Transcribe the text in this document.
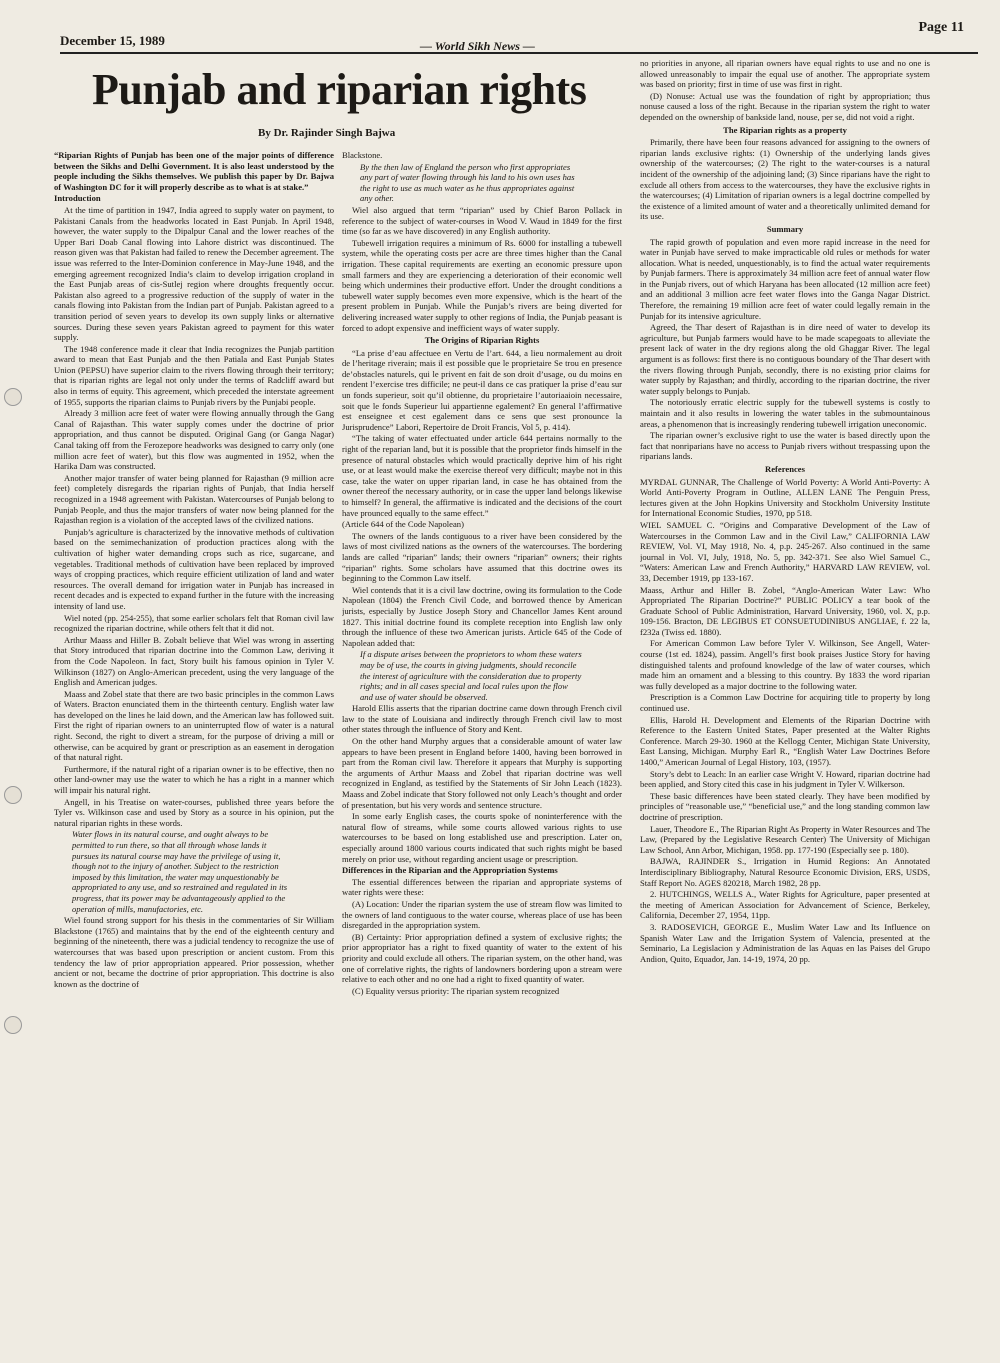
Page 11
December 15, 1989	— World Sikh News —
Punjab and riparian rights
By Dr. Rajinder Singh Bajwa

“Riparian Rights of Punjab has been one of the major points of difference between the Sikhs and Delhi Government. It is also least understood by the people including the Sikhs themselves. We publish this paper by Dr. Bajwa of Washington DC for it will properly describe as to what is at stake.”

Introduction

At the time of partition in 1947, India agreed to supply water on payment, to Pakistani Canals from the headworks located in East Punjab. In April 1948, however, the water supply to the Dipalpur Canal and the lower reaches of the Upper Bari Doab Canal flowing into Lahore district was discontinued. The reason given was that Pakistan had failed to renew the December agreement. The issue was referred to the Inter-Dominion conference in May-June 1948, and the emerging agreement recognized India’s claim to develop irrigation cropland in the East Punjab areas of cis-Sutlej region where droughts frequently occur. Pakistan also agreed to a progressive reduction of the supply of water in the canals flowing into Pakistan from the Indian part of Punjab. Pakistan agreed to a transition period of seven years to develop its own supply links or alternative sources. During these seven years Pakistan agreed to payment for this water supply.

The 1948 conference made it clear that India recognizes the Punjab partition award to mean that East Punjab and the then Patiala and East Punjab States Union (PEPSU) have superior claim to the rivers flowing through their territory; that is riparian rights are legal not only under the terms of Radcliff award but also in terms of equity. This agreement, which preceded the interstate agreement of 1955, supports the riparian claims to Punjab rivers by the Punjabi people.

Already 3 million acre feet of water were flowing annually through the Gang Canal of Rajasthan. This water supply comes under the doctrine of prior appropriation, and thus cannot be disputed. Original Gang (or Ganga Nagar) Canal taking off from the Ferozepore headworks was designed to carry only (one million acre feet of water), but this flow was augmented in 1952, when the Harika Dam was constructed.

Another major transfer of water being planned for Rajasthan (9 million acre feet) completely disregards the riparian rights of Punjab, that India herself recognized in a 1948 agreement with Pakistan. Watercourses of Punjab belong to Punjab People, and thus the major transfers of water now being planned for the Rajasthan region is a violation of the accepted laws of the civilized nations.

Punjab’s agriculture is characterized by the innovative methods of cultivation based on the semimechanization of production practices along with the cultivation of higher water demanding crops such as rice, sugarcane, and vegetables. Traditional methods of cultivation have been replaced by improved ways of cropping practices, which require efficient utilization of land and water resources. The overall demand for irrigation water in Punjab has increased in recent decades and is expected to expand further in the future with the increasing intensity of land use.

Wiel noted (pp. 254-255), that some earlier scholars felt that Roman civil law recognized the riparian doctrine, while others felt that it did not.

Arthur Maass and Hiller B. Zobalt believe that Wiel was wrong in asserting that Story introduced that riparian doctrine into the Common Law, deriving it from the Code Napoleon. In fact, Story built his famous opinion in Tyler V. Wilkinson (1827) on Anglo-American precedent, using the very language of the English and American judges.

Maass and Zobel state that there are two basic principles in the common Laws of Waters. Bracton enunciated them in the thirteenth century. English water law has developed on the lines he laid down, and the American law has followed suit. First the right of riparian owners to an uninterrupted flow of water is a natural right. Second, the right to divert a stream, for the purpose of driving a mill or otherwise, can be acquired by grant or prescription as an easement in derogation of that natural right.

Furthermore, if the natural right of a riparian owner is to be effective, then no other land-owner may use the water to which he has a right in a manner which will impair his natural right.

Angell, in his Treatise on water-courses, published three years before the Tyler vs. Wilkinson case and used by Story as a source in his opinion, put the natural riparian rights in these words.

Water flows in its natural course, and ought always to be permitted to run there, so that all through whose lands it pursues its natural course may have the privilege of using it, though not to the injury of another. Subject to the restriction imposed by this limitation, the water may unquestionably be appropriated to any use, and so restrained and regulated in its progress, that its power may be advantageously applied to the operation of mills, manufactories, etc.

Wiel found strong support for his thesis in the commentaries of Sir William Blackstone (1765) and maintains that by the end of the eighteenth century and beginning of the nineteenth, there was a judicial tendency to recognize the use of watercourses that was based upon prescription or ancient custom. From this tendency the law of prior appropriation appeared. Prior possession, whether ancient or not, became the doctrine of prior appropriation. This doctrine is also known as the doctrine of

Blackstone.

By the then law of England the person who first appropriates any part of water flowing through his land to his own uses has the right to use as much water as he thus appropriates against any other.

Wiel also argued that term “riparian” used by Chief Baron Pollack in reference to the subject of water-courses in Wood V. Waud in 1849 for the first time (so far as we have discovered) in any English authority.

Tubewell irrigation requires a minimum of Rs. 6000 for installing a tubewell system, while the operating costs per acre are three times higher than the Canal irrigation. These capital requirements are exerting an economic pressure upon small farmers and they are experiencing a deterioration of their economic well being which undermines their productive effort. Under the drought conditions a tubewell water supply becomes even more expensive, which is the heart of the present problem in Punjab. While the Punjab’s rivers are being diverted for delivering increased water supply to other regions of India, the Punjab peasant is forced to adopt expensive and inefficient ways of water supply.

The Origins of Riparian Rights

“La prise d’eau affectuee en Vertu de l’art. 644, a lieu normalement au droit de l’heritage riverain; mais il est possible que le proprietaire Se trou en presence de’obstacles naturels, qui le privent en fait de son droit d’usage, ou du moins en rendent l’exercise tres difficile; ne peut-il dans ce cas pratiquer la prise d’eau sur un fonds superieur, soit qu’il obtienne, du proprietaire l’autoriaaioin necessaire, soit que le fonds Superieur lui appartienne egalement? En general l’affirmative est enseignee et cest egalement dans ce sens que sest pronounce la Jurisprudence” Labori, Repertoire de Droit Francis, Vol 5, p. 414).

“The taking of water effectuated under article 644 pertains normally to the right of the reparian land, but it is possible that the proprietor finds himself in the presence of natural obstacles which would practically deprive him of his right use, or at least would make the exercise thereof very difficult; maybe not in this case, take the water on upper riparian land, in case he has obtained from the owner thereof the necessary authority, or in case the upper land belongs likewise to himself? In general, the affirmative is indicated and the decisions of the court have prounced equally to the same effect.”

(Article 644 of the Code Napolean)

The owners of the lands contiguous to a river have been considered by the laws of most civilized nations as the owners of the watercourses. The bordering lands are called “riparian” lands; their owners “riparian” owners; their rights “riparian” rights. Some scholars have assumed that this doctrine owes its beginning to the Common Law itself.

Wiel contends that it is a civil law doctrine, owing its formulation to the Code Napolean (1804) the French Civil Code, and borrowed thence by American jurists, especially by Justice Joseph Story and Chancellor James Kent around 1827. This initial doctrine found its complete reception into English law only through the influence of these two American jurists. Article 645 of the Code of Napolean added that:

If a dispute arises between the proprietors to whom these waters may be of use, the courts in giving judgments, should reconcile the interest of agriculture with the consideration due to property rights; and in all cases special and local rules upon the flow and use of water should be observed.

Harold Ellis asserts that the riparian doctrine came down through French civil law to the state of Louisiana and indirectly through French civil law to most other states through the influence of Story and Kent.

On the other hand Murphy argues that a considerable amount of water law appears to have been present in England before 1400, having been borrowed in part from the Roman civil law. Therefore it appears that Murphy is supporting the arguments of Arthur Maass and Zobel that riparian doctrine was well recognized in England, as testified by the Statements of Sir John Leach (1823). Maass and Zobel indicate that Story followed not only Leach’s thought and order of presentation, but his very words and sentence structure.

In some early English cases, the courts spoke of noninterference with the natural flow of streams, while some courts allowed various rights to use watercourses to be based on long established use and prescription. Later on, especially around 1800 various courts indicated that such rights might be based merely on prior use, without regarding ancient usage or prescription.

Differences in the Riparian and the Appropriation Systems

The essential differences between the riparian and appropriate systems of water rights were these:

(A) Location: Under the riparian system the use of stream flow was limited to the owners of land contiguous to the water course, whereas place of use has been disregarded in the appropriation system.

(B) Certainty: Prior appropriation defined a system of exclusive rights; the prior appropriator has a right to fixed quantity of water to the extent of his priority and could exclude all others. The riparian system, on the other hand, was one of correlative rights, the rights of landowners bordering upon a stream were relative to each other and no one had a right to fixed quantity of water.

(C) Equality versus priority: The riparian system recognized

no priorities in anyone, all riparian owners have equal rights to use and no one is allowed unreasonably to impair the equal use of another. The appropriate system was based on priority; first in time of use was first in right.

(D) Nonuse: Actual use was the foundation of right by appropriation; thus nonuse caused a loss of the right. Because in the riparian system the right to water depended on the ownership of bankside land, nouse, per se, did not void a right.

The Riparian rights as a property

Primarily, there have been four reasons advanced for assigning to the owners of riparian lands exclusive rights: (1) Ownership of the underlying lands gives ownership of the watercourses; (2) The right to the water-courses is a natural incident of the ownership of the adjoining land; (3) Since riparians have the right to exclude all others from access to the watercourses, they have the exclusive rights in the watercourses; (4) Limitation of riparian owners is a legal doctrine compelled by the existence of a limited amount of water and a theoretically unlimited demand for its use.

Summary

The rapid growth of population and even more rapid increase in the need for water in Punjab have served to make impracticable old rules or methods for water allocation. What is needed, unquestionably, is to find the actual water requirements by Punjab farmers. There is approximately 34 million acre feet of annual water flow in the Punjab rivers, out of which Haryana has been allocated (12 million acre feet) and an additional 3 million acre feet water flows into the Ganga Nagar District. Therefore, the remaining 19 million acre feet of water could legally remain in the Punjab for its intensive agriculture.

Agreed, the Thar desert of Rajasthan is in dire need of water to develop its agriculture, but Punjab farmers would have to be made scapegoats to alleviate the present lack of water in the dry regions along the old Ghaggar River. The legal argument is as follows: first there is no contiguous boundary of the Thar desert with the rivers flowing through Punjab, secondly, there is no existing prior claims for water supply by Rajasthan; and thirdly, according to the riparian doctrine, the river water supply belongs to Punjab.

The notoriously erratic electric supply for the tubewell systems is costly to maintain and it also results in lowering the water tables in the submountainous areas, a phenomenon that is increasingly rendering tubewell irrigation uneconomic.

The riparian owner’s exclusive right to use the water is based directly upon the fact that nonriparians have no access to Punjab rivers without trespassing upon the riparians lands.

References

MYRDAL GUNNAR, The Challenge of World Poverty: A World Anti-Poverty: A World Anti-Poverty Program in Outline, ALLEN LANE The Penguin Press, lectures given at the John Hopkins University and Stockholm University Institute for International Economic Studies, 1970, pp 518.

WIEL SAMUEL C. “Origins and Comparative Development of the Law of Watercourses in the Common Law and in the Civil Law,” CALIFORNIA LAW REVIEW, Vol. VI, May 1918, No. 4, p.p. 245-267. Also continued in the same journal in Vol. VI, July, 1918, No. 5, pp. 342-371. See also Wiel Samuel C., “Waters: American Law and French Authority,” HARVARD LAW REVIEW, vol. 33, December 1919, pp 133-167.

Maass, Arthur and Hiller B. Zobel, “Anglo-American Water Law: Who Appropriated The Riparian Doctrine?” PUBLIC POLICY a tear book of the Graduate School of Public Administration, Harvard University, 1960, vol. X, p.p. 109-156. Bracton, DE LEGIBUS ET CONSUETUDINIBUS ANGLIAE, f. 22 la, f232a (Twiss ed. 1880).

For American Common Law before Tyler V. Wilkinson, See Angell, Water-course (1st ed. 1824), passim. Angell’s first book praises Justice Story for having distinguished talents and profound knowledge of the law of water courses, which made him an ornament and a blessing to this country. By 1833 the word riparian was fully developed as a major doctrine to the following water.

Prescription is a Common Law Doctrine for acquiring title to property by long continued use.

Ellis, Harold H. Development and Elements of the Riparian Doctrine with Reference to the Eastern United States, Paper presented at the Walter Rights Conference. March 29-30. 1960 at the Kellogg Center, Michigan State University, East Lansing, Michigan. Murphy Earl R., “English Water Law Doctrines Before 1400,” American Journal of Legal History, 103, (1957).

Story’s debt to Leach: In an earlier case Wright V. Howard, riparian doctrine had been applied, and Story cited this case in his judgment in Tyler V. Wilkerson.

These basic differences have been stated clearly. They have been modified by principles of “reasonable use,” “beneficial use,” and the long standing common law doctrine of prescription.

Lauer, Theodore E., The Riparian Right As Property in Water Resources and The Law, (Prepared by the Legislative Research Center) The University of Michigan Law School, Ann Arbor, Michigan, 1958. pp. 177-190 (Especially see p. 180).

BAJWA, RAJINDER S., Irrigation in Humid Regions: An Annotated Interdisciplinary Bibliography, Natural Resource Economic Division, ERS, USDS, Staff Report No. AGES 820218, March 1982, 28 pp.

2. HUTCHINGS, WELLS A., Water Rights for Agriculture, paper presented at the meeting of American Association for Advancement of Science, Berkeley, California, December 27, 1954, 11pp.

3. RADOSEVICH, GEORGE E., Muslim Water Law and Its Influence on Spanish Water Law and the Irrigation System of Valencia, presented at the Seminario, La Legislacion y Administration de las Aquas en las Paises del Grupo Andion, Quito, Equador, Jan. 14-19, 1974, 20 pp.
